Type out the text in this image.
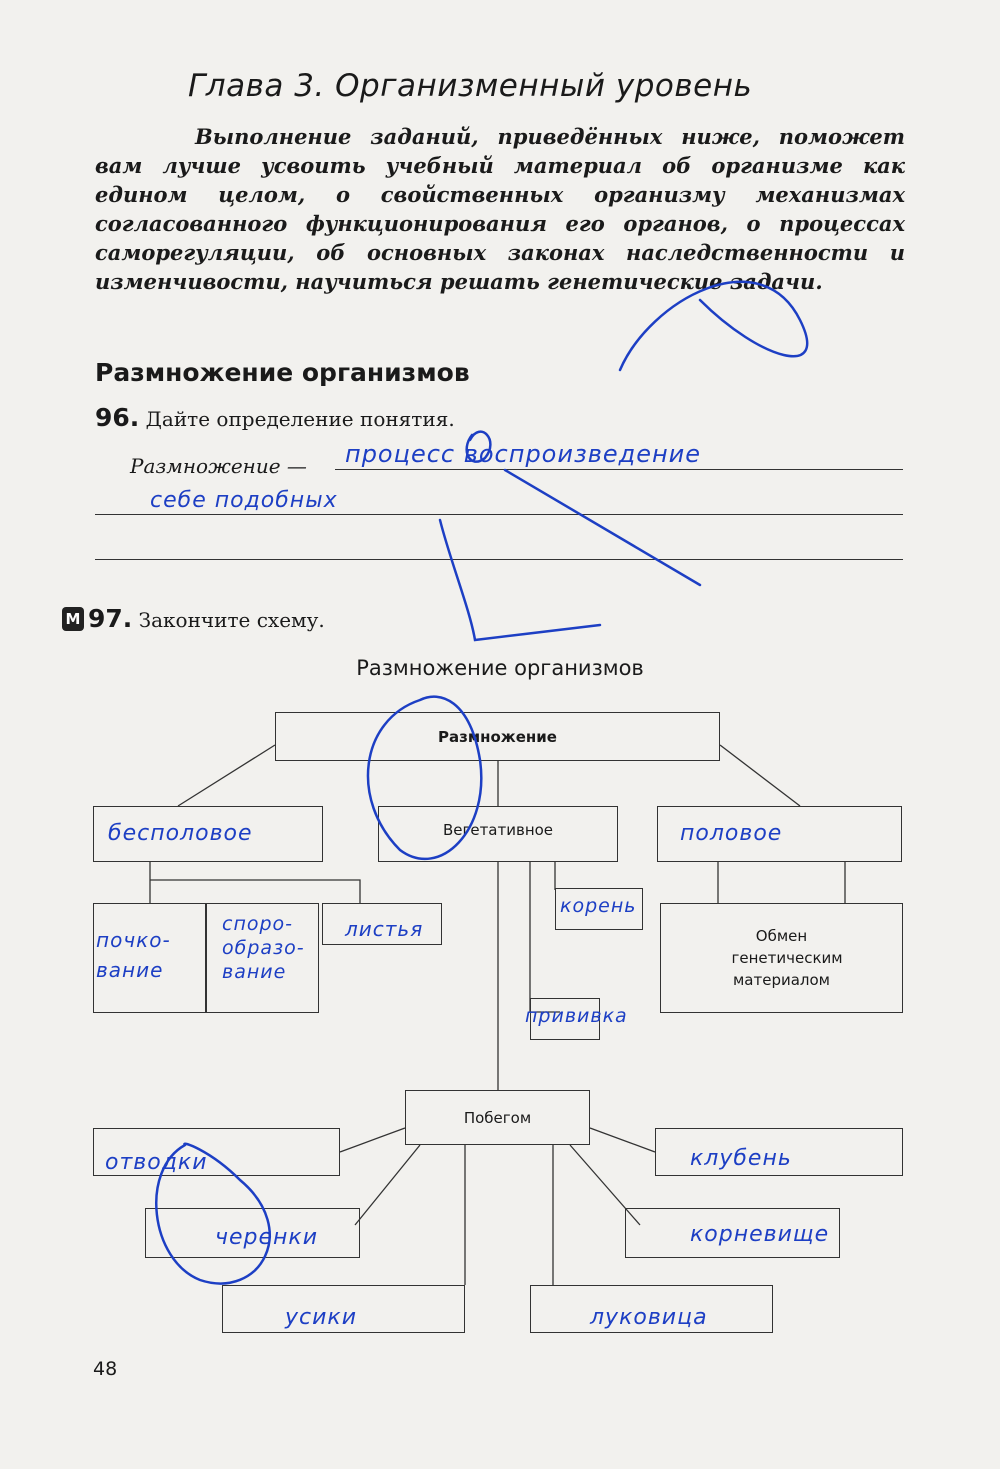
Глава 3. Организменный уровень
Выполнение заданий, приведённых ниже, поможет вам лучше усвоить учебный материал об организме как едином целом, о свойственных организму механизмах согласованного функционирования его органов, о процессах саморегуляции, об основных законах наследственности и изменчивости, научиться решать генетические задачи.
Размножение организмов
96. Дайте определение понятия.
Размножение — процесс воспроизведение
себе подобных
М 97. Закончите схему.
Размножение организмов
Размножение
Вегетативное
Обмен генетическим материалом
Побегом
бесполовое	половое
почко-вание
споро-образо-вание
листья
корень
прививка
отводки	клубень
черенки	корневище
усики	луковица
48
